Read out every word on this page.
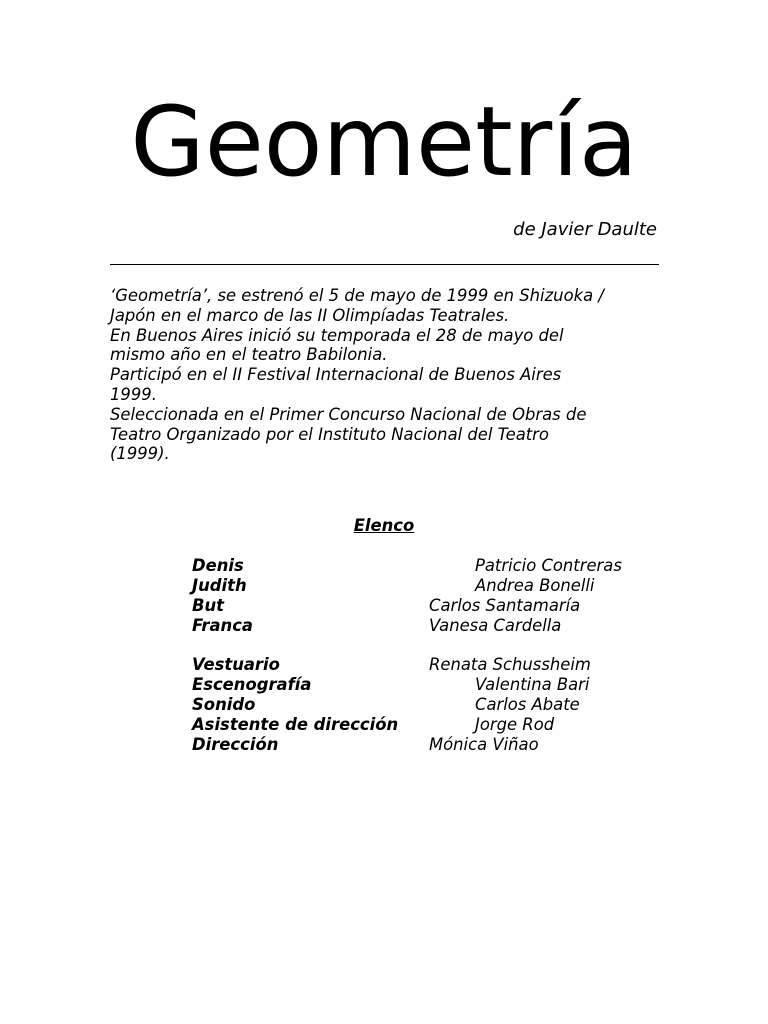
Geometría
de Javier Daulte

‘Geometría’, se estrenó el 5 de mayo de 1999 en Shizuoka /

Japón en el marco de las II Olimpíadas Teatrales.

En Buenos Aires inició su temporada el 28 de mayo del

mismo año en el teatro Babilonia.

Participó en el II Festival Internacional de Buenos Aires

1999.

Seleccionada en el Primer Concurso Nacional de Obras de

Teatro Organizado por el Instituto Nacional del Teatro

(1999).

Elenco
Denis	Patricio Contreras
Judith	Andrea Bonelli
But	Carlos Santamaría
Franca	Vanesa Cardella
Vestuario	Renata Schussheim
Escenografía	Valentina Bari
Sonido	Carlos Abate
Asistente de dirección	Jorge Rod
Dirección	Mónica Viñao
